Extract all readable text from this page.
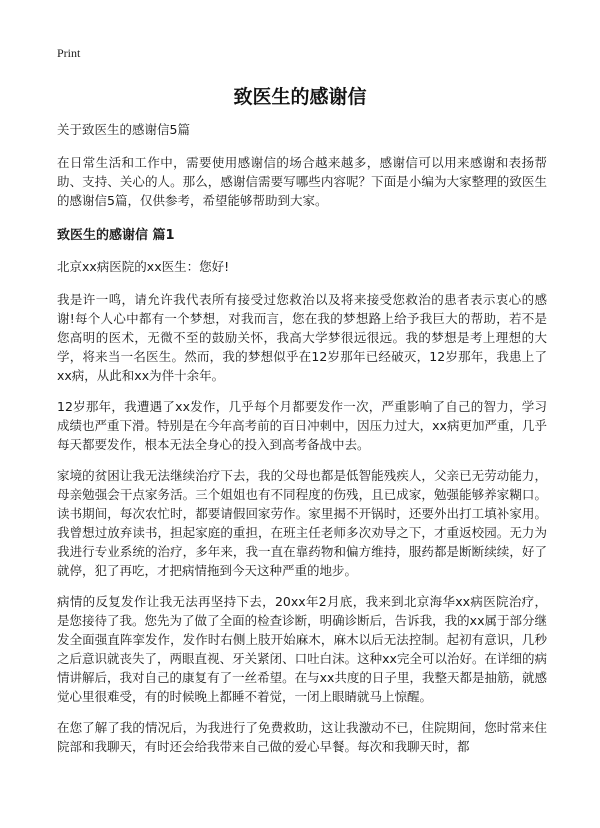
Print
致医生的感谢信

关于致医生的感谢信5篇

在日常生活和工作中，需要使用感谢信的场合越来越多，感谢信可以用来感谢和表扬帮助、支持、关心的人。那么，感谢信需要写哪些内容呢？下面是小编为大家整理的致医生的感谢信5篇，仅供参考，希望能够帮助到大家。

致医生的感谢信 篇1

北京xx病医院的xx医生：您好!

我是许一鸣，请允许我代表所有接受过您救治以及将来接受您救治的患者表示衷心的感谢!每个人心中都有一个梦想，对我而言，您在我的梦想路上给予我巨大的帮助，若不是您高明的医术，无微不至的鼓励关怀，我高大学梦很远很远。我的梦想是考上理想的大学，将来当一名医生。然而，我的梦想似乎在12岁那年已经破灭，12岁那年，我患上了xx病，从此和xx为伴十余年。

12岁那年，我遭遇了xx发作，几乎每个月都要发作一次，严重影响了自己的智力，学习成绩也严重下滑。特别是在今年高考前的百日冲刺中，因压力过大，xx病更加严重，几乎每天都要发作，根本无法全身心的投入到高考备战中去。

家境的贫困让我无法继续治疗下去，我的父母也都是低智能残疾人，父亲已无劳动能力，母亲勉强会干点家务活。三个姐姐也有不同程度的伤残，且已成家，勉强能够养家糊口。读书期间，每次农忙时，都要请假回家劳作。家里揭不开锅时，还要外出打工填补家用。我曾想过放弃读书，担起家庭的重担，在班主任老师多次劝导之下，才重返校园。无力为我进行专业系统的治疗，多年来，我一直在靠药物和偏方维持，服药都是断断续续，好了就停，犯了再吃，才把病情拖到今天这种严重的地步。

病情的反复发作让我无法再坚持下去，20xx年2月底，我来到北京海华xx病医院治疗，是您接待了我。您先为了做了全面的检查诊断，明确诊断后，告诉我，我的xx属于部分继发全面强直阵挛发作，发作时右侧上肢开始麻木，麻木以后无法控制。起初有意识，几秒之后意识就丧失了，两眼直视、牙关紧闭、口吐白沫。这种xx完全可以治好。在详细的病情讲解后，我对自己的康复有了一丝希望。在与xx共度的日子里，我整天都是抽筋，就感觉心里很难受，有的时候晚上都睡不着觉，一闭上眼睛就马上惊醒。

在您了解了我的情况后，为我进行了免费救助，这让我激动不已，住院期间，您时常来住院部和我聊天，有时还会给我带来自己做的爱心早餐。每次和我聊天时，都
